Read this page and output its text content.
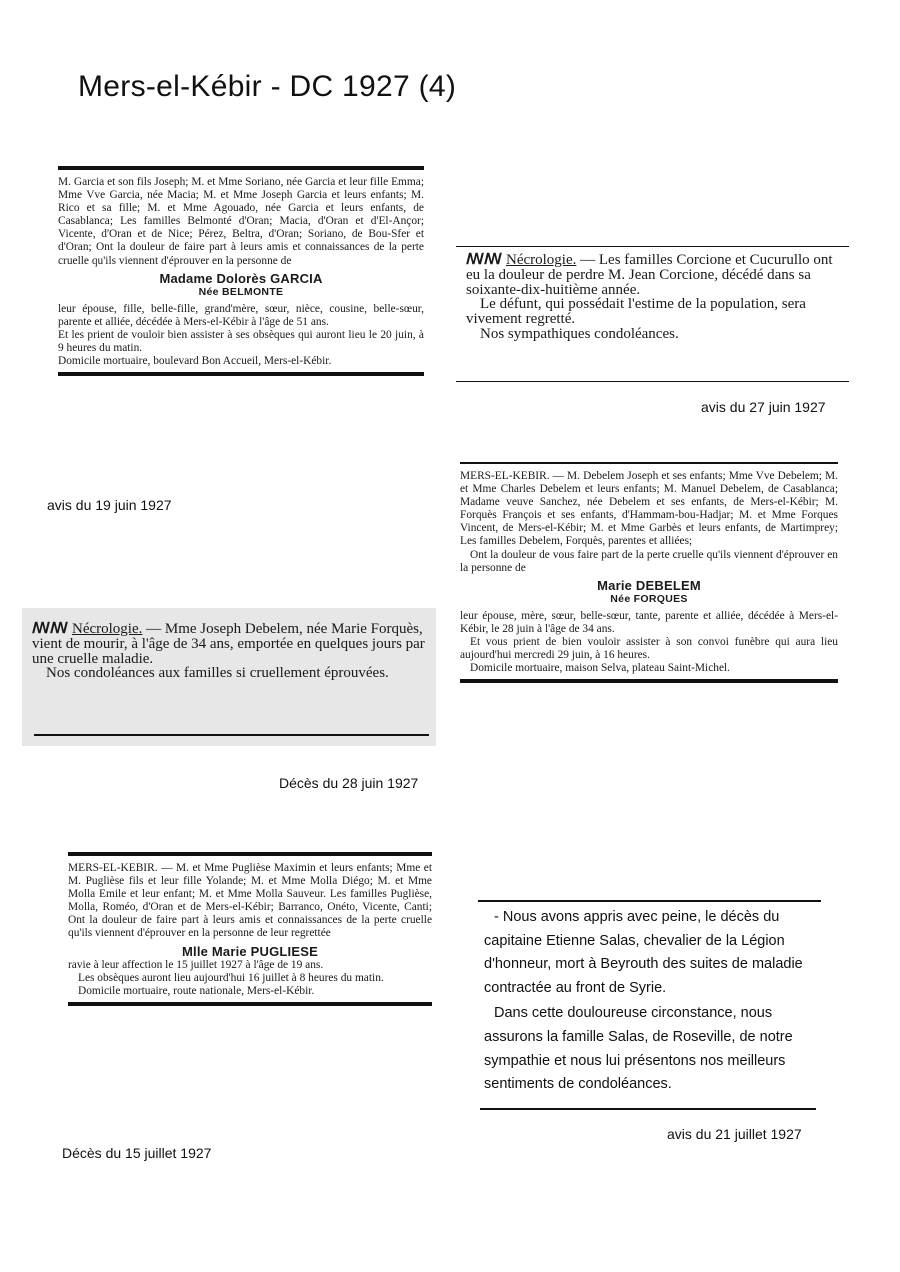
Mers-el-Kébir - DC 1927 (4)

M. Garcia et son fils Joseph; M. et Mme Soriano, née Garcia et leur fille Emma; Mme Vve Garcia, née Macia; M. et Mme Joseph Garcia et leurs enfants; M. Rico et sa fille; M. et Mme Agouado, née Garcia et leurs enfants, de Casablanca; Les familles Belmonté d'Oran; Macia, d'Oran et d'El-Ançor; Vicente, d'Oran et de Nice; Pérez, Beltra, d'Oran; Soriano, de Bou-Sfer et d'Oran; Ont la douleur de faire part à leurs amis et connaissances de la perte cruelle qu'ils viennent d'éprouver en la personne de

Madame Dolorès GARCIA
Née BELMONTE

leur épouse, fille, belle-fille, grand'mère, sœur, nièce, cousine, belle-sœur, parente et alliée, décédée à Mers-el-Kébir à l'âge de 51 ans.

Et les prient de vouloir bien assister à ses obsèques qui auront lieu le 20 juin, à 9 heures du matin.

Domicile mortuaire, boulevard Bon Accueil, Mers-el-Kébir.

avis du 19 juin 1927

ꟿꟿ Nécrologie. — Les familles Corcione et Cucurullo ont eu la douleur de perdre M. Jean Corcione, décédé dans sa soixante-dix-huitième année.

Le défunt, qui possédait l'estime de la population, sera vivement regretté.

Nos sympathiques condoléances.

avis du 27 juin 1927

ꟿꟿ Nécrologie. — Mme Joseph Debelem, née Marie Forquès, vient de mourir, à l'âge de 34 ans, emportée en quelques jours par une cruelle maladie.

Nos condoléances aux familles si cruellement éprouvées.

Décès du 28 juin 1927

MERS-EL-KEBIR. — M. Debelem Joseph et ses enfants; Mme Vve Debelem; M. et Mme Charles Debelem et leurs enfants; M. Manuel Debelem, de Casablanca; Madame veuve Sanchez, née Debelem et ses enfants, de Mers-el-Kébir; M. Forquès François et ses enfants, d'Hammam-bou-Hadjar; M. et Mme Forques Vincent, de Mers-el-Kébir; M. et Mme Garbès et leurs enfants, de Martimprey; Les familles Debelem, Forquès, parentes et alliées;

Ont la douleur de vous faire part de la perte cruelle qu'ils viennent d'éprouver en la personne de

Marie DEBELEM
Née FORQUES

leur épouse, mère, sœur, belle-sœur, tante, parente et alliée, décédée à Mers-el-Kébir, le 28 juin à l'âge de 34 ans.

Et vous prient de bien vouloir assister à son convoi funèbre qui aura lieu aujourd'hui mercredi 29 juin, à 16 heures.

Domicile mortuaire, maison Selva, plateau Saint-Michel.

MERS-EL-KEBIR. — M. et Mme Puglièse Maximin et leurs enfants; Mme et M. Puglièse fils et leur fille Yolande; M. et Mme Molla Diégo; M. et Mme Molla Emile et leur enfant; M. et Mme Molla Sauveur. Les familles Puglièse, Molla, Roméo, d'Oran et de Mers-el-Kébir; Barranco, Onéto, Vicente, Canti; Ont la douleur de faire part à leurs amis et connaissances de la perte cruelle qu'ils viennent d'éprouver en la personne de leur regrettée

Mlle Marie PUGLIESE

ravie à leur affection le 15 juillet 1927 à l'âge de 19 ans.

Les obsèques auront lieu aujourd'hui 16 juillet à 8 heures du matin.

Domicile mortuaire, route nationale, Mers-el-Kébir.

Décès du 15 juillet 1927

- Nous avons appris avec peine, le décès du capitaine Etienne Salas, chevalier de la Légion d'honneur, mort à Beyrouth des suites de maladie contractée au front de Syrie.

Dans cette douloureuse circonstance, nous assurons la famille Salas, de Roseville, de notre sympathie et nous lui présentons nos meilleurs sentiments de condoléances.

avis du 21 juillet 1927
